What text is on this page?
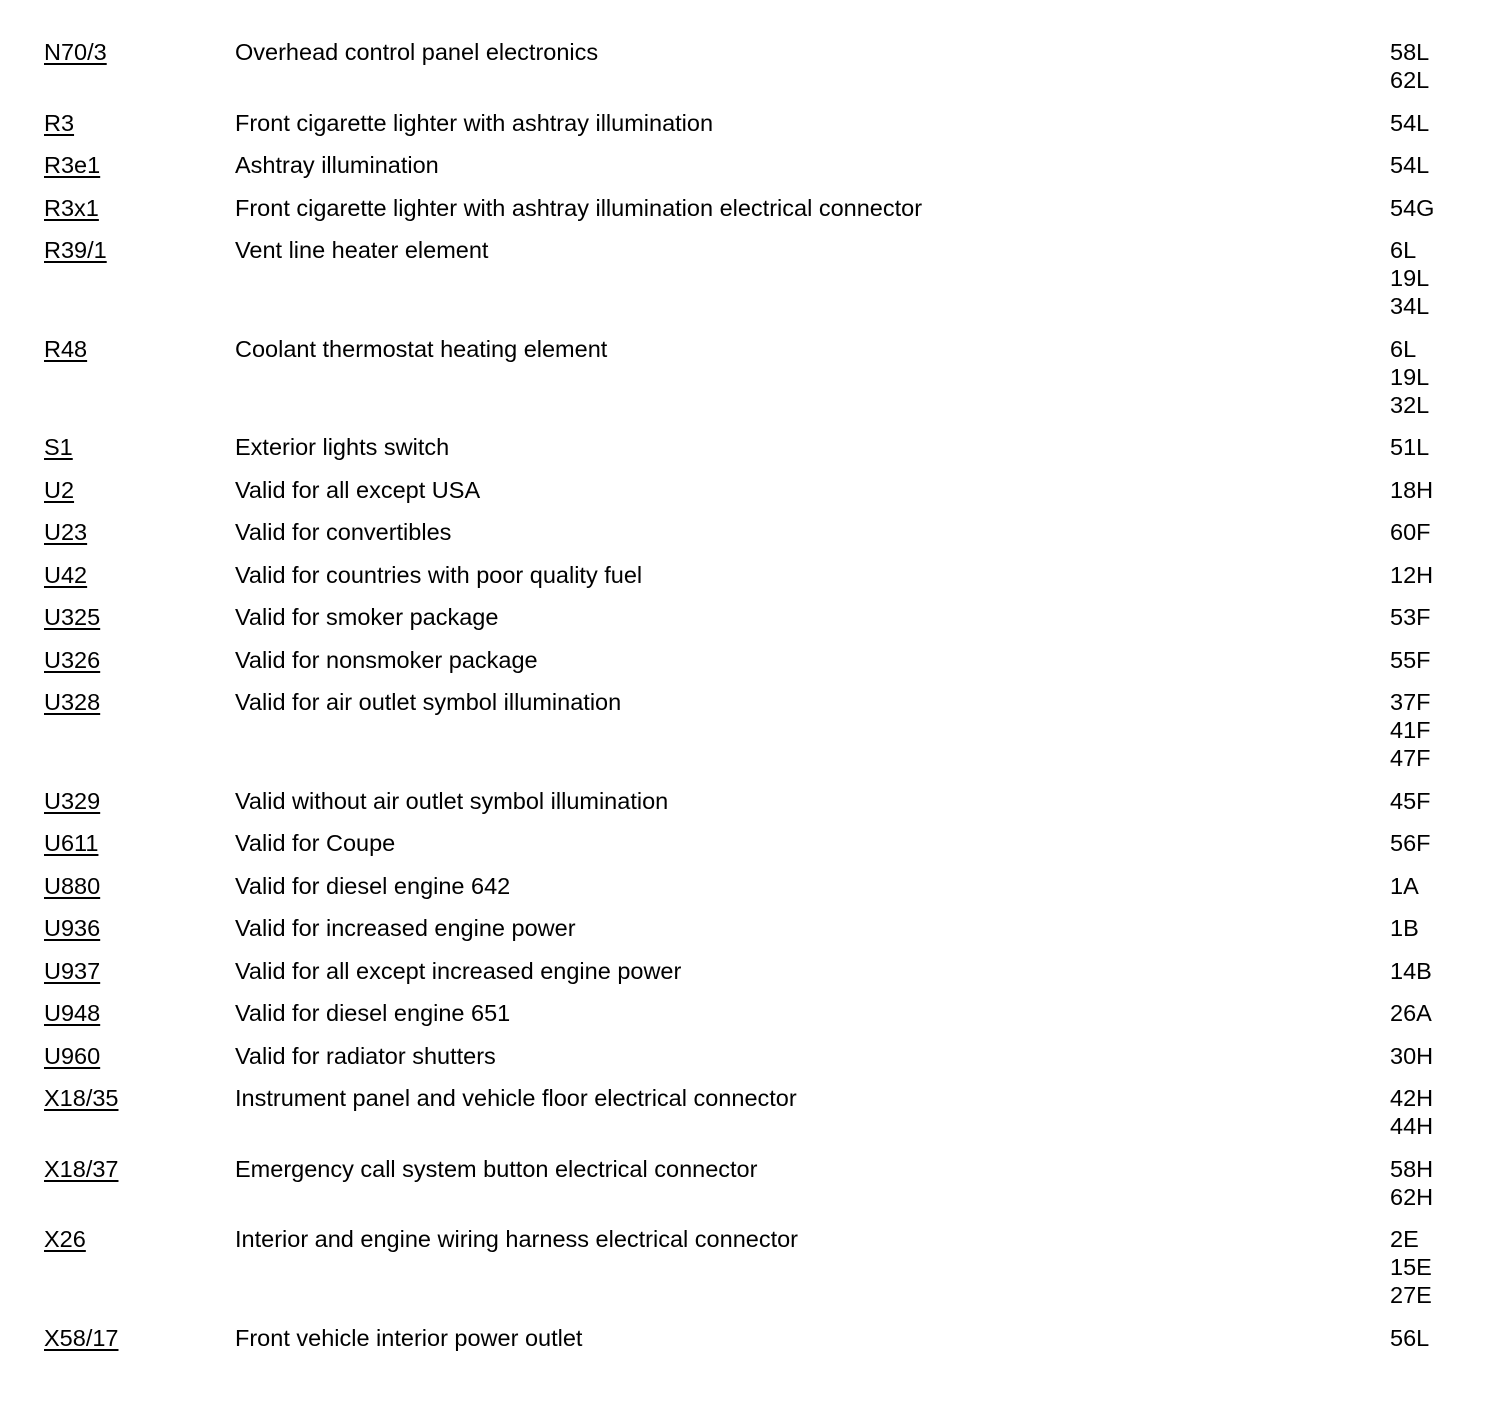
N70/3	Overhead control panel electronics	58L
62L
R3	Front cigarette lighter with ashtray illumination	54L
R3e1	Ashtray illumination	54L
R3x1	Front cigarette lighter with ashtray illumination electrical connector	54G
R39/1	Vent line heater element	6L
19L
34L
R48	Coolant thermostat heating element	6L
19L
32L
S1	Exterior lights switch	51L
U2	Valid for all except USA	18H
U23	Valid for convertibles	60F
U42	Valid for countries with poor quality fuel	12H
U325	Valid for smoker package	53F
U326	Valid for nonsmoker package	55F
U328	Valid for air outlet symbol illumination	37F
41F
47F
U329	Valid without air outlet symbol illumination	45F
U611	Valid for Coupe	56F
U880	Valid for diesel engine 642	1A
U936	Valid for increased engine power	1B
U937	Valid for all except increased engine power	14B
U948	Valid for diesel engine 651	26A
U960	Valid for radiator shutters	30H
X18/35	Instrument panel and vehicle floor electrical connector	42H
44H
X18/37	Emergency call system button electrical connector	58H
62H
X26	Interior and engine wiring harness electrical connector	2E
15E
27E
X58/17	Front vehicle interior power outlet	56L
